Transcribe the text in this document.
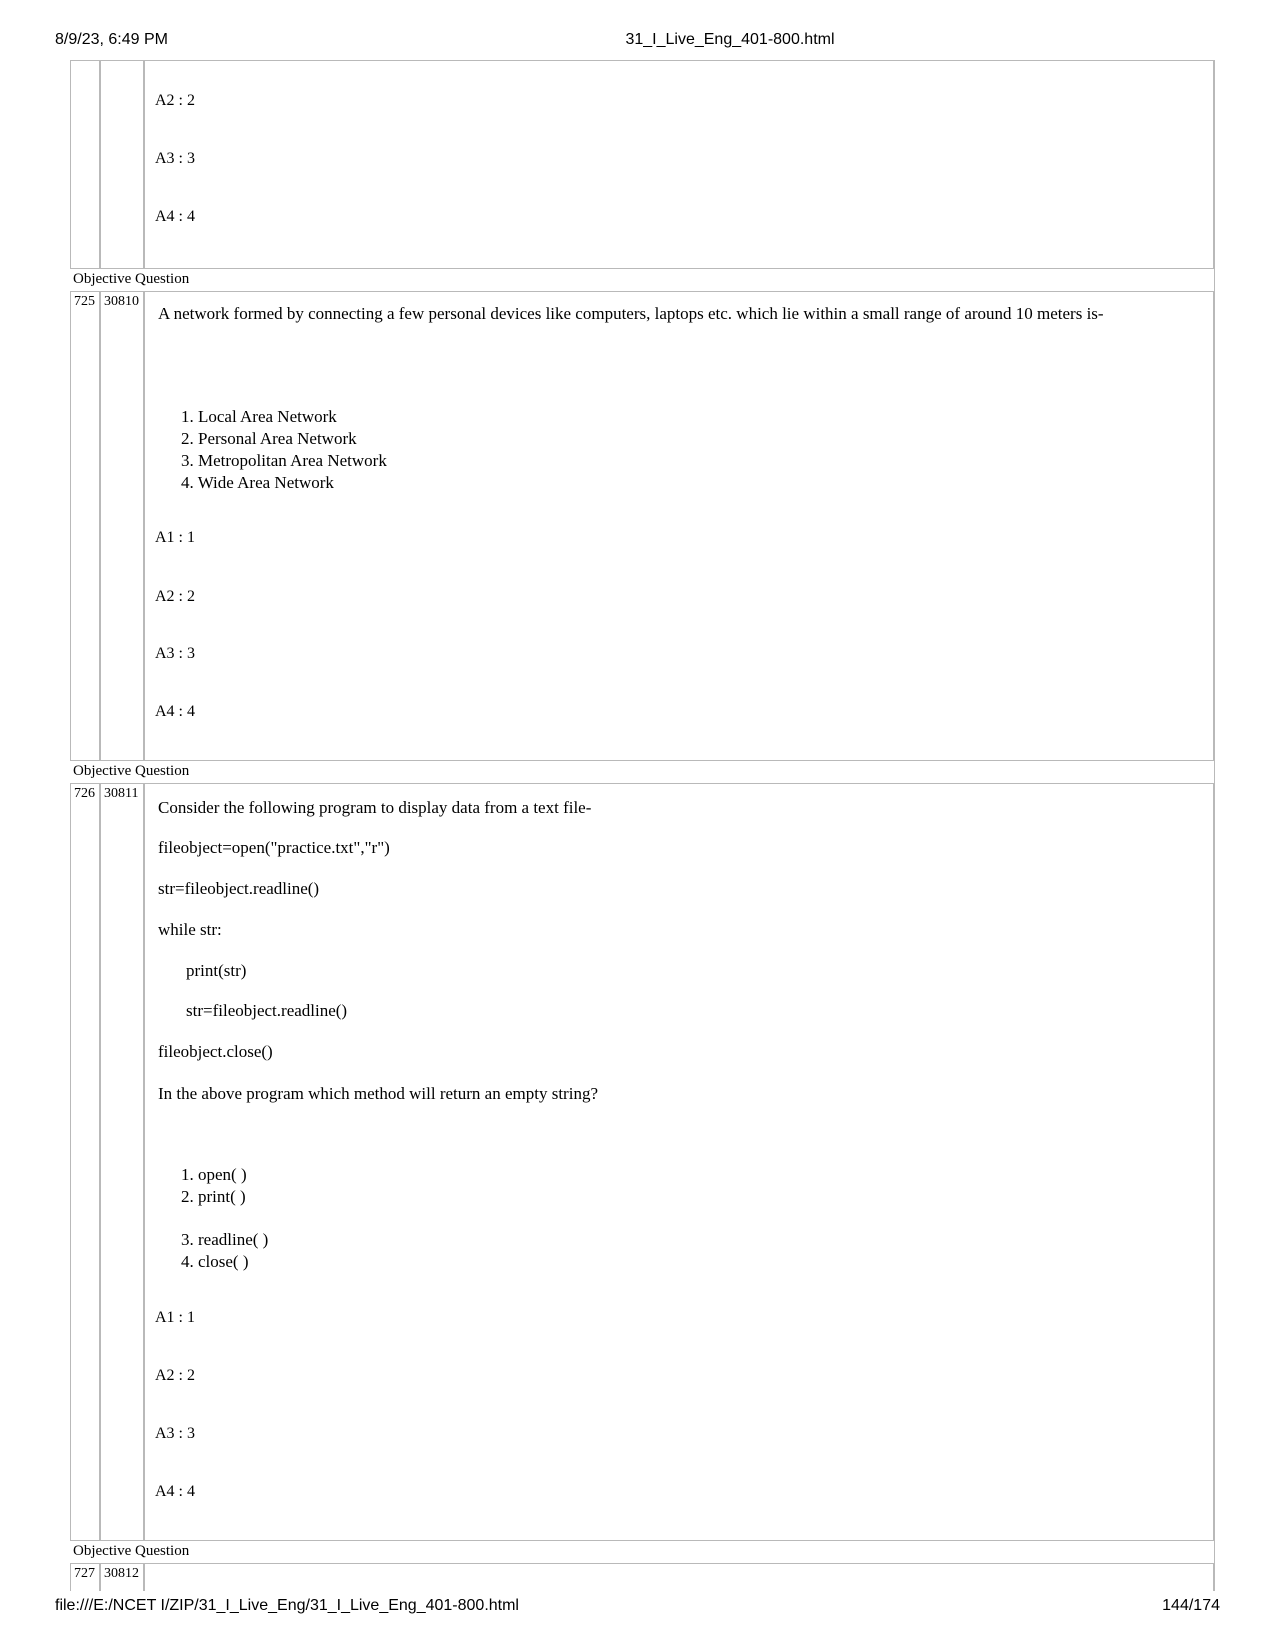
8/9/23, 6:49 PM	31_I_Live_Eng_401-800.html
file:///E:/NCET I/ZIP/31_I_Live_Eng/31_I_Live_Eng_401-800.html	144/174
A2 : 2
A3 : 3
A4 : 4
Objective Question
725 30810
A network formed by connecting a few personal devices like computers, laptops etc. which lie within a small range of around 10 meters is-
1. Local Area Network
2. Personal Area Network
3. Metropolitan Area Network
4. Wide Area Network
A1 : 1
A2 : 2
A3 : 3
A4 : 4
Objective Question
726 30811
Consider the following program to display data from a text file-
fileobject=open("practice.txt","r")
str=fileobject.readline()
while str:
print(str)
str=fileobject.readline()
fileobject.close()
In the above program which method will return an empty string?
1. open( )
2. print( )
3. readline( )
4. close( )
A1 : 1
A2 : 2
A3 : 3
A4 : 4
Objective Question
727 30812
